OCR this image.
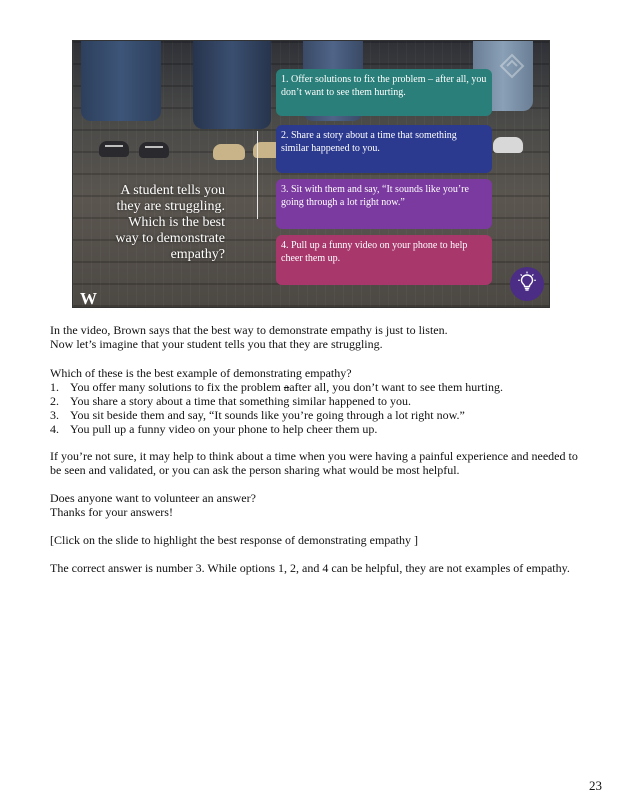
A student tells you
they are struggling.
Which is the best
way to demonstrate
empathy?
1. Offer solutions to fix the problem – after all, you don’t want to see them hurting.
2. Share a story about a time that something similar happened to you.
3. Sit with them and say, “It sounds like you’re going through a lot right now.”
4. Pull up a funny video on your phone to help cheer them up.
W
In the video, Brown says that the best way to demonstrate empathy is just to listen.
Now let’s imagine that your student tells you that they are struggling.
Which of these is the best example of demonstrating empathy?
1. You offer many solutions to fix the problem aafter all, you don’t want to see them hurting.
2. You share a story about a time that something similar happened to you.
3. You sit beside them and say, “It sounds like you’re going through a lot right now.”
4. You pull up a funny video on your phone to help cheer them up.
If you’re not sure, it may help to think about a time when you were having a painful experience and needed to
be seen and validated, or you can ask the person sharing what would be most helpful.
Does anyone want to volunteer an answer?
Thanks for your answers!
[Click on the slide to highlight the best response of demonstrating empathy ]
The correct answer is number 3. While options 1, 2, and 4 can be helpful, they are not examples of empathy.
23
